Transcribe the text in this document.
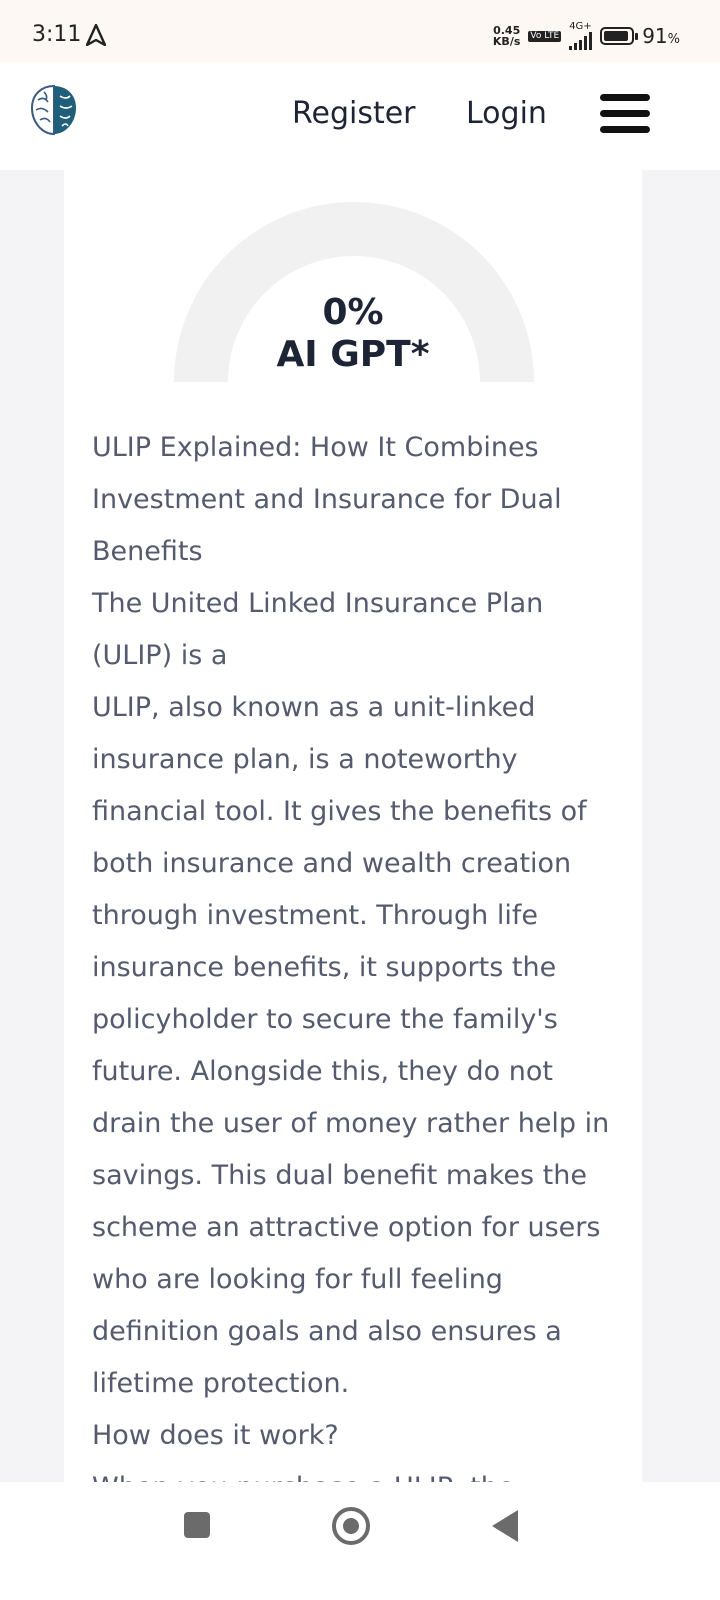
3:11	0.45
KB/s Vo LTE
4G+	91%
Register Login
0%
AI GPT*

ULIP Explained: How It Combines Investment and Insurance for Dual Benefits

The United Linked Insurance Plan (ULIP) is a

ULIP, also known as a unit-linked insurance plan, is a noteworthy financial tool. It gives the benefits of both insurance and wealth creation through investment. Through life insurance benefits, it supports the policyholder to secure the family's future. Alongside this, they do not drain the user of money rather help in savings. This dual benefit makes the scheme an attractive option for users who are looking for full feeling definition goals and also ensures a lifetime protection.

How does it work?
